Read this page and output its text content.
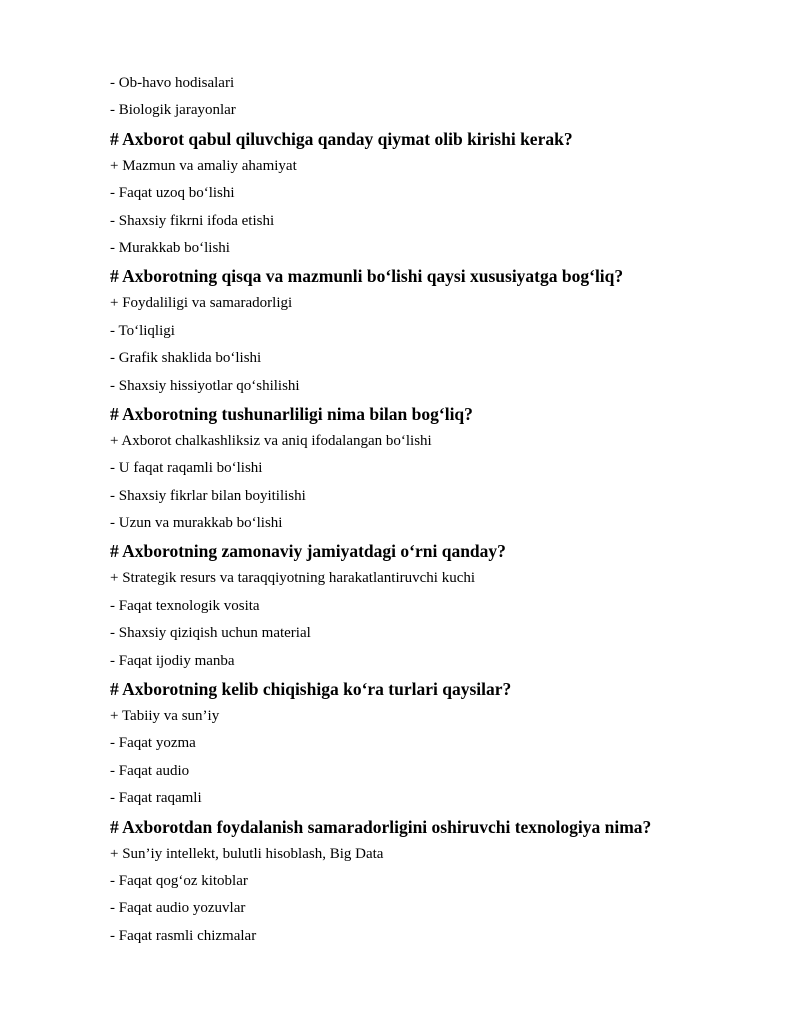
- Ob-havo hodisalari
- Biologik jarayonlar
# Axborot qabul qiluvchiga qanday qiymat olib kirishi kerak?
+ Mazmun va amaliy ahamiyat
- Faqat uzoq bo‘lishi
- Shaxsiy fikrni ifoda etishi
- Murakkab bo‘lishi
# Axborotning qisqa va mazmunli bo‘lishi qaysi xususiyatga bog‘liq?
+ Foydaliligi va samaradorligi
- To‘liqligi
- Grafik shaklida bo‘lishi
- Shaxsiy hissiyotlar qo‘shilishi
# Axborotning tushunarliligi nima bilan bog‘liq?
+ Axborot chalkashliksiz va aniq ifodalangan bo‘lishi
- U faqat raqamli bo‘lishi
- Shaxsiy fikrlar bilan boyitilishi
- Uzun va murakkab bo‘lishi
# Axborotning zamonaviy jamiyatdagi o‘rni qanday?
+ Strategik resurs va taraqqiyotning harakatlantiruvchi kuchi
- Faqat texnologik vosita
- Shaxsiy qiziqish uchun material
- Faqat ijodiy manba
# Axborotning kelib chiqishiga ko‘ra turlari qaysilar?
+ Tabiiy va sun’iy
- Faqat yozma
- Faqat audio
- Faqat raqamli
# Axborotdan foydalanish samaradorligini oshiruvchi texnologiya nima?
+ Sun’iy intellekt, bulutli hisoblash, Big Data
- Faqat qog‘oz kitoblar
- Faqat audio yozuvlar
- Faqat rasmli chizmalar
